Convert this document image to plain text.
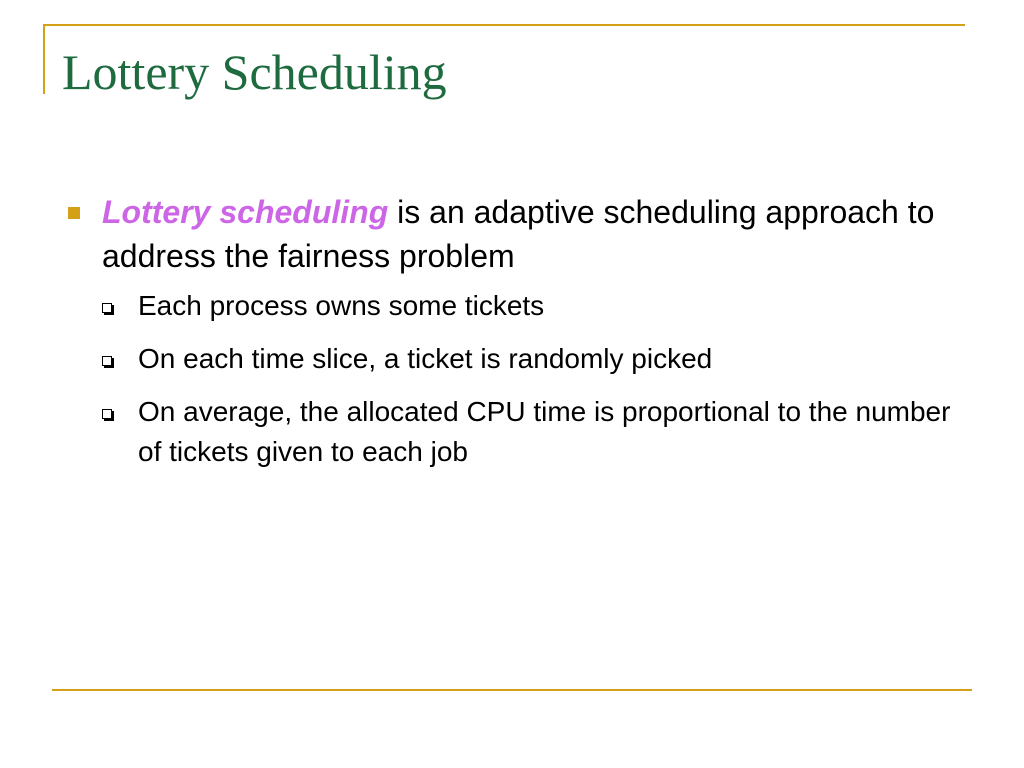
Lottery Scheduling
Lottery scheduling is an adaptive scheduling approach to address the fairness problem
Each process owns some tickets
On each time slice, a ticket is randomly picked
On average, the allocated CPU time is proportional to the number of tickets given to each job
